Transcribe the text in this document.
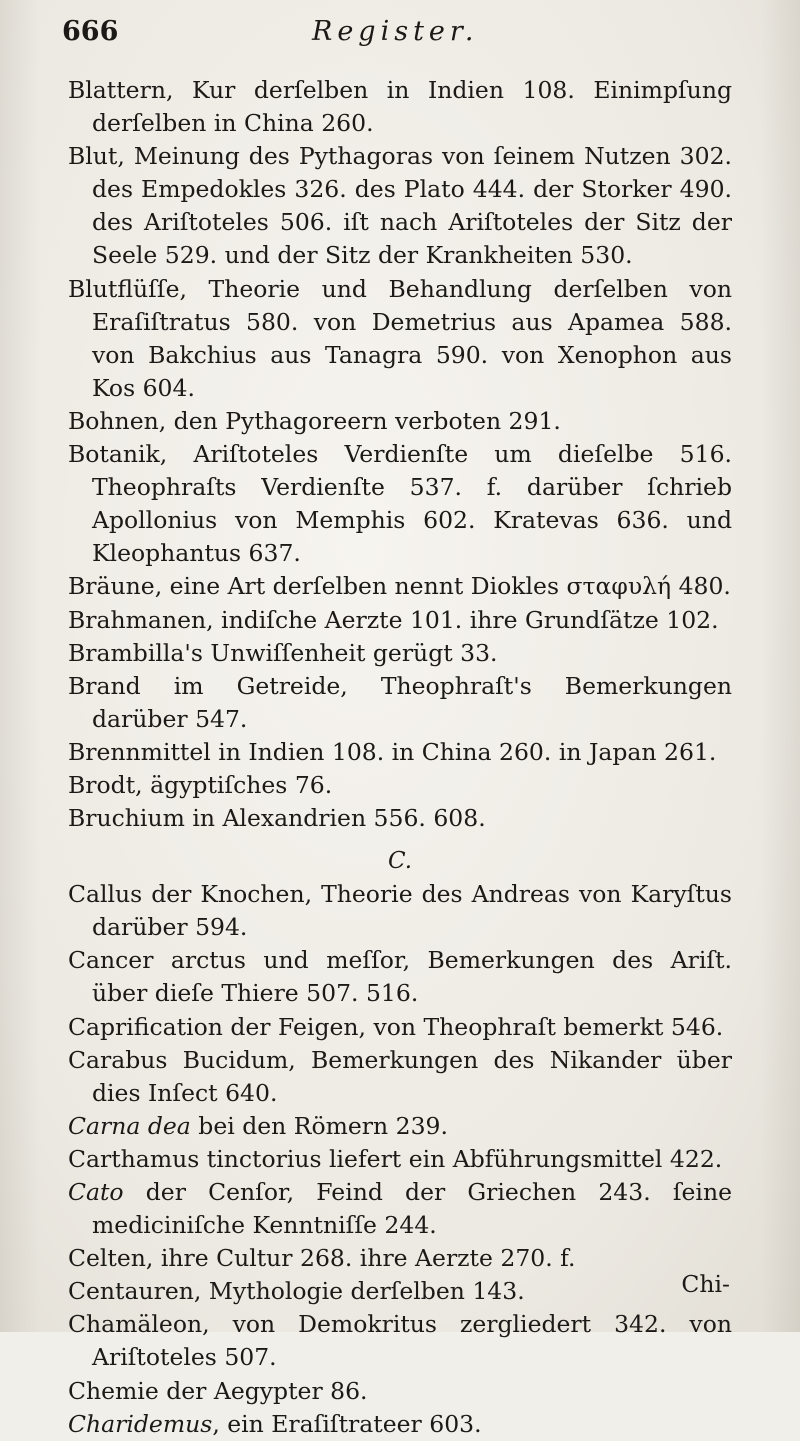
666	Register.

Blattern, Kur derſelben in Indien 108. Einimpſung derſelben in China 260.

Blut, Meinung des Pythagoras von ſeinem Nutzen 302. des Empedokles 326. des Plato 444. der Storker 490. des Ariſtoteles 506. iſt nach Ariſtoteles der Sitz der Seele 529. und der Sitz der Krankheiten 530.

Blutflüſſe, Theorie und Behandlung derſelben von Eraſiſtratus 580. von Demetrius aus Apamea 588. von Bakchius aus Tanagra 590. von Xenophon aus Kos 604.

Bohnen, den Pythagoreern verboten 291.

Botanik, Ariſtoteles Verdienſte um dieſelbe 516. Theophraſts Verdienſte 537. f. darüber ſchrieb Apollonius von Memphis 602. Kratevas 636. und Kleophantus 637.

Bräune, eine Art derſelben nennt Diokles σταφυλή 480.

Brahmanen, indiſche Aerzte 101. ihre Grundſätze 102.

Brambilla's Unwiſſenheit gerügt 33.

Brand im Getreide, Theophraſt's Bemerkungen darüber 547.

Brennmittel in Indien 108. in China 260. in Japan 261.

Brodt, ägyptiſches 76.

Bruchium in Alexandrien 556. 608.

C.

Callus der Knochen, Theorie des Andreas von Karyſtus darüber 594.

Cancer arctus und meſſor, Bemerkungen des Ariſt. über dieſe Thiere 507. 516.

Caprification der Feigen, von Theophraſt bemerkt 546.

Carabus Bucidum, Bemerkungen des Nikander über dies Inſect 640.

Carna dea bei den Römern 239.

Carthamus tinctorius liefert ein Abführungsmittel 422.

Cato der Cenſor, Feind der Griechen 243. ſeine mediciniſche Kenntniſſe 244.

Celten, ihre Cultur 268. ihre Aerzte 270. f.

Centauren, Mythologie derſelben 143.

Chamäleon, von Demokritus zergliedert 342. von Ariſtoteles 507.

Chemie der Aegypter 86.

Charidemus, ein Eraſiſtrateer 603.

Chi-
